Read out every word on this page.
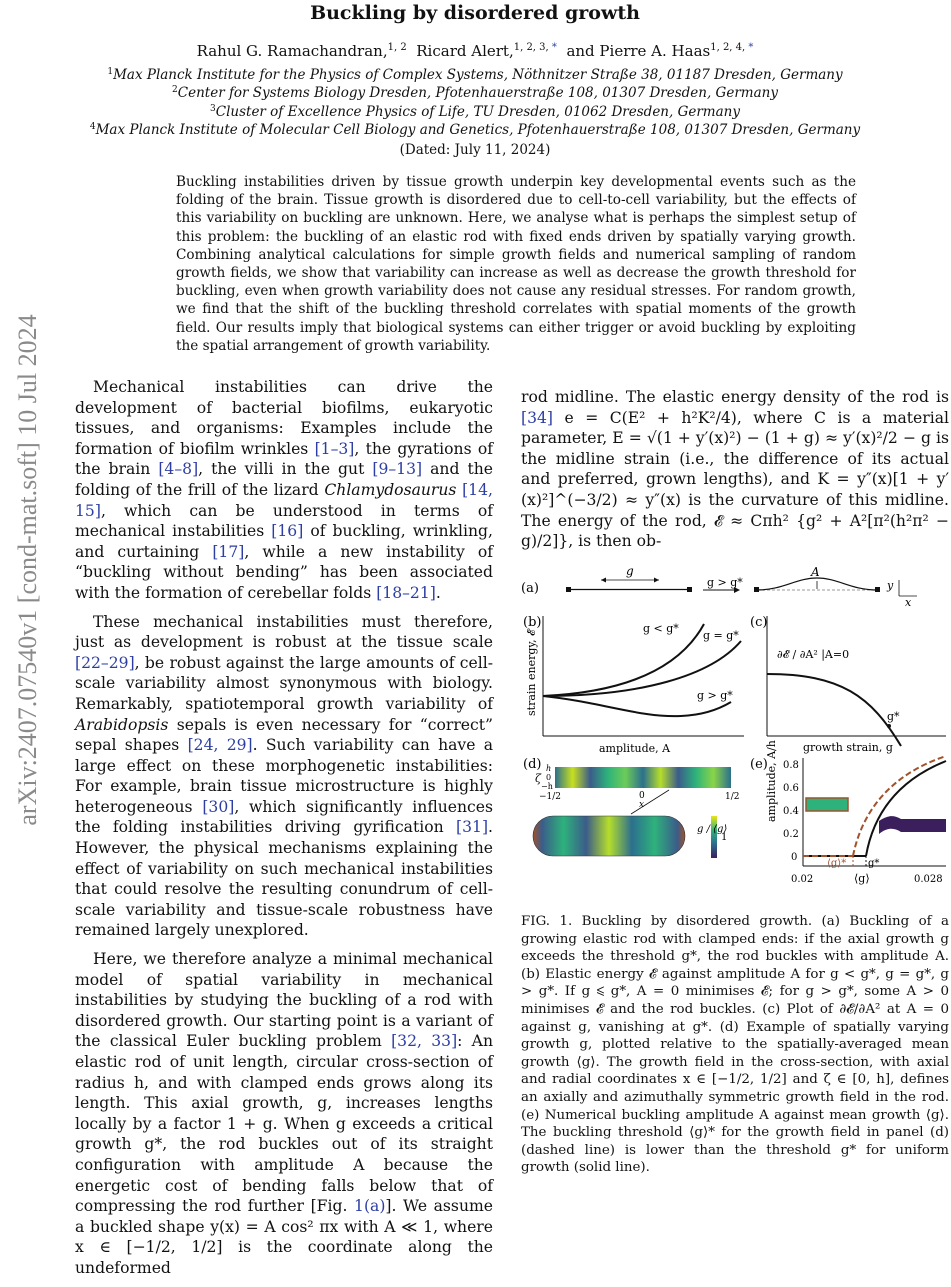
Buckling by disordered growth
Rahul G. Ramachandran,$^{1, 2}$ Ricard Alert,$^{1, 2, 3, *}$ and Pierre A. Haas$^{1, 2, 4, *}$
$^1$Max Planck Institute for the Physics of Complex Systems, Nöthnitzer Straße 38, 01187 Dresden, Germany
$^2$Center for Systems Biology Dresden, Pfotenhauerstraße 108, 01307 Dresden, Germany
$^3$Cluster of Excellence Physics of Life, TU Dresden, 01062 Dresden, Germany
$^4$Max Planck Institute of Molecular Cell Biology and Genetics, Pfotenhauerstraße 108, 01307 Dresden, Germany
(Dated: July 11, 2024)
Buckling instabilities driven by tissue growth underpin key developmental events such as the folding of the brain. Tissue growth is disordered due to cell-to-cell variability, but the effects of this variability on buckling are unknown. Here, we analyse what is perhaps the simplest setup of this problem: the buckling of an elastic rod with fixed ends driven by spatially varying growth. Combining analytical calculations for simple growth fields and numerical sampling of random growth fields, we show that variability can increase as well as decrease the growth threshold for buckling, even when growth variability does not cause any residual stresses. For random growth, we find that the shift of the buckling threshold correlates with spatial moments of the growth field. Our results imply that biological systems can either trigger or avoid buckling by exploiting the spatial arrangement of growth variability.
arXiv:2407.07540v1 [cond-mat.soft] 10 Jul 2024	Mechanical instabilities can drive the development of bacterial biofilms, eukaryotic tissues, and organisms: Examples include the formation of biofilm wrinkles [1–3], the gyrations of the brain [4–8], the villi in the gut [9–13] and the folding of the frill of the lizard Chlamydosaurus [14, 15], which can be understood in terms of mechanical instabilities [16] of buckling, wrinkling, and curtaining [17], while a new instability of “buckling without bending” has been associated with the formation of cerebellar folds [18–21].

These mechanical instabilities must therefore, just as development is robust at the tissue scale [22–29], be robust against the large amounts of cell-scale variability almost synonymous with biology. Remarkably, spatiotemporal growth variability of Arabidopsis sepals is even necessary for “correct” sepal shapes [24, 29]. Such variability can have a large effect on these morphogenetic instabilities: For example, brain tissue microstructure is highly heterogeneous [30], which significantly influences the folding instabilities driving gyrification [31]. However, the physical mechanisms explaining the effect of variability on such mechanical instabilities that could resolve the resulting conundrum of cell-scale variability and tissue-scale robustness have remained largely unexplored.

Here, we therefore analyze a minimal mechanical model of spatial variability in mechanical instabilities by studying the buckling of a rod with disordered growth. Our starting point is a variant of the classical Euler buckling problem [32, 33]: An elastic rod of unit length, circular cross-section of radius h, and with clamped ends grows along its length. This axial growth, g, increases lengths locally by a factor 1 + g. When g exceeds a critical growth g*, the rod buckles out of its straight configuration with amplitude A because the energetic cost of bending falls below that of compressing the rod further [Fig. 1(a)]. We assume a buckled shape y(x) = A cos² πx with A ≪ 1, where x ∈ [−1/2, 1/2] is the coordinate along the undeformed

rod midline. The elastic energy density of the rod is [34] e = C(E² + h²K²/4), where C is a material parameter, E = √(1 + y′(x)²) − (1 + g) ≈ y′(x)²/2 − g is the midline strain (i.e., the difference of its actual and preferred, grown lengths), and K = y″(x)[1 + y′(x)²]^(−3/2) ≈ y″(x) is the curvature of this midline. The energy of the rod, 𝓔 ≈ Cπh² {g² + A²[π²(h²π² − g)/2]}, is then ob-

(a)
g
g > g*
A
y
x
(b)
strain energy, 𝓔
amplitude, A
g < g*
g = g*
g > g*
(c)
∂𝓔 / ∂A² |A=0
g*
growth strain, g
(d)
ζ
h
0
−h
−1/2	0	1/2
x
g / ⟨g⟩
1
(e)
amplitude, A/h 0.8
0.6
0.4
0.2
0
0.02	0.028
⟨g⟩
⟨g⟩* g*
FIG. 1. Buckling by disordered growth. (a) Buckling of a growing elastic rod with clamped ends: if the axial growth g exceeds the threshold g*, the rod buckles with amplitude A. (b) Elastic energy 𝓔 against amplitude A for g < g*, g = g*, g > g*. If g ⩽ g*, A = 0 minimises 𝓔; for g > g*, some A > 0 minimises 𝓔 and the rod buckles. (c) Plot of ∂𝓔/∂A² at A = 0 against g, vanishing at g*. (d) Example of spatially varying growth g, plotted relative to the spatially-averaged mean growth ⟨g⟩. The growth field in the cross-section, with axial and radial coordinates x ∈ [−1/2, 1/2] and ζ ∈ [0, h], defines an axially and azimuthally symmetric growth field in the rod. (e) Numerical buckling amplitude A against mean growth ⟨g⟩. The buckling threshold ⟨g⟩* for the growth field in panel (d) (dashed line) is lower than the threshold g* for uniform growth (solid line).
